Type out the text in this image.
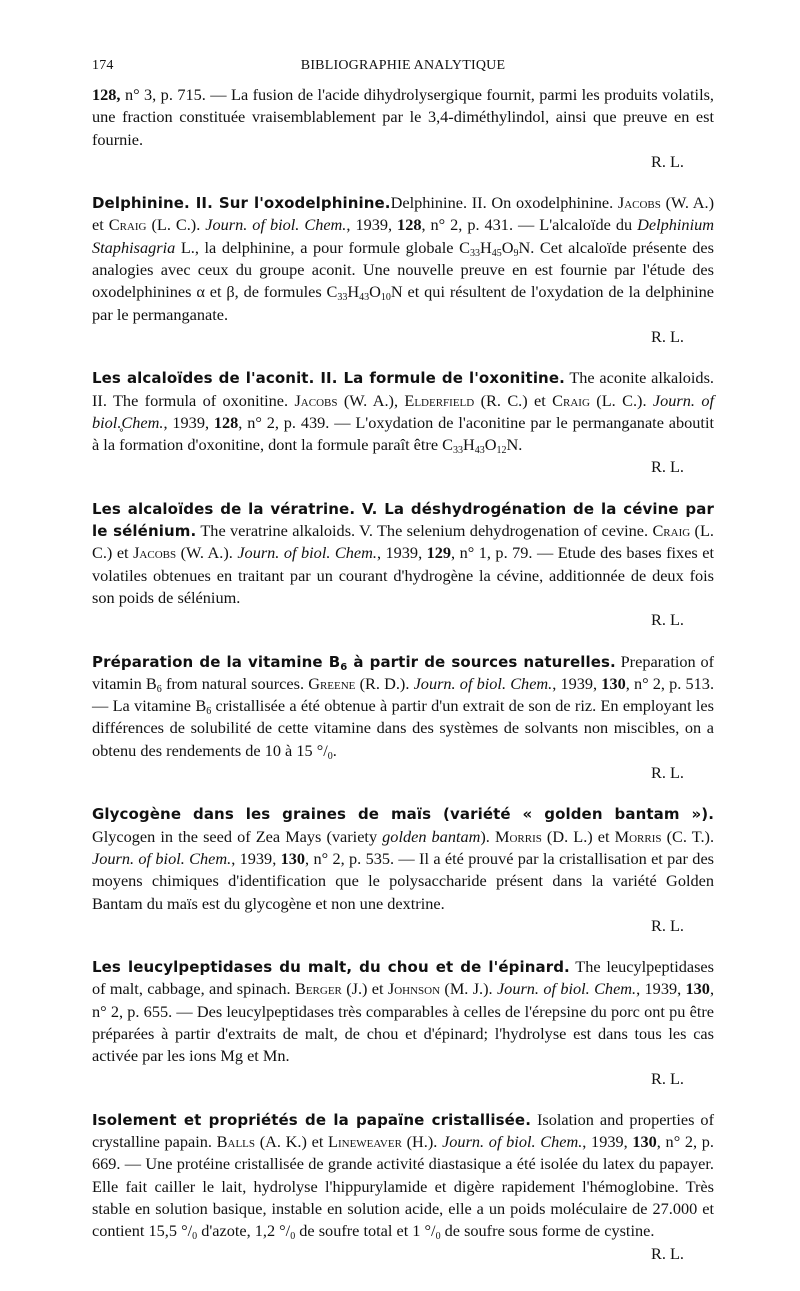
174	BIBLIOGRAPHIE ANALYTIQUE
128, n° 3, p. 715. — La fusion de l'acide dihydrolysergique fournit, parmi les produits volatils, une fraction constituée vraisemblablement par le 3,4-diméthylindol, ainsi que preuve en est fournie.
R. L.
Delphinine. II. Sur l'oxodelphinine.Delphinine. II. On oxodelphinine. Jacobs (W. A.) et Craig (L. C.). Journ. of biol. Chem., 1939, 128, n° 2, p. 431. — L'alcaloïde du Delphinium Staphisagria L., la delphinine, a pour formule globale $C_{33}H_{45}O_9N$. Cet alcaloïde présente des analogies avec ceux du groupe aconit. Une nouvelle preuve en est fournie par l'étude des oxodelphinines α et β, de formules $C_{33}H_{43}O_{10}N$ et qui résultent de l'oxydation de la delphinine par le permanganate.
R. L.
Les alcaloïdes de l'aconit. II. La formule de l'oxonitine. The aconite alkaloids. II. The formula of oxonitine. Jacobs (W. A.), Elderfield (R. C.) et Craig (L. C.). Journ. of biol.Chem., 1939, 128, n° 2, p. 439. — L'oxydation de l'aconitine par le permanganate aboutit à la formation d'oxonitine, dont la formule paraît être $C_{33}H_{43}O_{12}N$.
R. L.
Les alcaloïdes de la vératrine. V. La déshydrogénation de la cévine par le sélénium. The veratrine alkaloids. V. The selenium dehydrogenation of cevine. Craig (L. C.) et Jacobs (W. A.). Journ. of biol. Chem., 1939, 129, n° 1, p. 79. — Etude des bases fixes et volatiles obtenues en traitant par un courant d'hydrogène la cévine, additionnée de deux fois son poids de sélénium.
R. L.
Préparation de la vitamine $B_6$ à partir de sources naturelles. Preparation of vitamin $B_6$ from natural sources. Greene (R. D.). Journ. of biol. Chem., 1939, 130, n° 2, p. 513. — La vitamine $B_6$ cristallisée a été obtenue à partir d'un extrait de son de riz. En employant les différences de solubilité de cette vitamine dans des systèmes de solvants non miscibles, on a obtenu des rendements de 10 à 15 $^\circ/_0$.
R. L.
Glycogène dans les graines de maïs (variété « golden bantam »). Glycogen in the seed of Zea Mays (variety golden bantam). Morris (D. L.) et Morris (C. T.). Journ. of biol. Chem., 1939, 130, n° 2, p. 535. — Il a été prouvé par la cristallisation et par des moyens chimiques d'identification que le polysaccharide présent dans la variété Golden Bantam du maïs est du glycogène et non une dextrine.
R. L.
Les leucylpeptidases du malt, du chou et de l'épinard. The leucylpeptidases of malt, cabbage, and spinach. Berger (J.) et Johnson (M. J.). Journ. of biol. Chem., 1939, 130, n° 2, p. 655. — Des leucylpeptidases très comparables à celles de l'érepsine du porc ont pu être préparées à partir d'extraits de malt, de chou et d'épinard; l'hydrolyse est dans tous les cas activée par les ions Mg et Mn.
R. L.
Isolement et propriétés de la papaïne cristallisée. Isolation and properties of crystalline papain. Balls (A. K.) et Lineweaver (H.). Journ. of biol. Chem., 1939, 130, n° 2, p. 669. — Une protéine cristallisée de grande activité diastasique a été isolée du latex du papayer. Elle fait cailler le lait, hydrolyse l'hippurylamide et digère rapidement l'hémoglobine. Très stable en solution basique, instable en solution acide, elle a un poids moléculaire de 27.000 et contient 15,5 $^\circ/_0$ d'azote, 1,2 $^\circ/_0$ de soufre total et 1 $^\circ/_0$ de soufre sous forme de cystine.
R. L.
